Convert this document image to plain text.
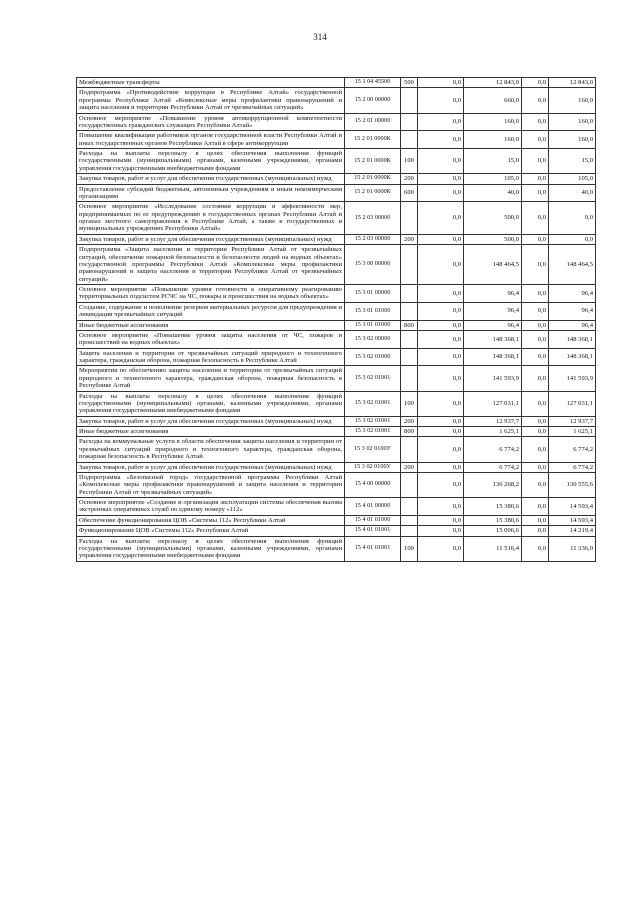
314
Межбюджетные трансферты	15 1 04 45500	500	0,0	12 843,0	0,0	12 843,0
Подпрограмма «Противодействие коррупции в Республике Алтай» государственной программы Республики Алтай «Комплексные меры профилактики правонарушений и защита населения и территории Республики Алтай от чрезвычайных ситуаций»	15 2 00 00000		0,0	660,0	0,0	160,0
Основное мероприятие «Повышение уровня антикоррупционной компетентности государственных гражданских служащих Республики Алтай»	15 2 01 00000		0,0	160,0	0,0	160,0
Повышение квалификации работников органов государственной власти Республики Алтай и иных государственных органов Республики Алтай в сфере антикоррупции	15 2 01 0000К		0,0	160,0	0,0	160,0
Расходы на выплаты персоналу в целях обеспечения выполнения функций государственными (муниципальными) органами, казенными учреждениями, органами управления государственными внебюджетными фондами	15 2 01 0000К	100	0,0	15,0	0,0	15,0
Закупка товаров, работ и услуг для обеспечения государственных (муниципальных) нужд	15 2 01 0000К	200	0,0	105,0	0,0	105,0
Предоставление субсидий бюджетным, автономным учреждениям и иным некоммерческим организациям	15 2 01 0000К	600	0,0	40,0	0,0	40,0
Основное мероприятие «Исследование состояния коррупции и эффективности мер, предпринимаемых по ее предупреждению в государственных органах Республики Алтай и органах местного самоуправления в Республике Алтай, а также в государственных и муниципальных учреждениях Республики Алтай»	15 2 03 00000		0,0	500,0	0,0	0,0
Закупка товаров, работ и услуг для обеспечения государственных (муниципальных) нужд	15 2 03 00000	200	0,0	500,0	0,0	0,0
Подпрограмма «Защита населения и территории Республики Алтай от чрезвычайных ситуаций, обеспечение пожарной безопасности и безопасности людей на водных объектах» государственной программы Республики Алтай «Комплексные меры профилактики правонарушений и защита населения и территории Республики Алтай от чрезвычайных ситуаций»	15 3 00 00000		0,0	148 464,5	0,0	148 464,5
Основное мероприятие «Повышение уровня готовности к оперативному реагированию территориальных подсистем РСЧС на ЧС, пожары и происшествия на водных объектах»	15 3 01 00000		0,0	96,4	0,0	96,4
Создание, содержание и пополнение резервов материальных ресурсов для предупреждения и ликвидации чрезвычайных ситуаций	15 3 01 01000		0,0	96,4	0,0	96,4
Иные бюджетные ассигнования	15 3 01 01000	800	0,0	96,4	0,0	96,4
Основное мероприятие «Повышение уровня защиты населения от ЧС, пожаров и происшествий на водных объектах»	15 3 02 00000		0,0	148 368,1	0,0	148 368,1
Защита населения и территории от чрезвычайных ситуаций природного и техногенного характера, гражданская оборона, пожарная безопасность в Республике Алтай	15 3 02 01000		0,0	148 368,1	0,0	148 368,1
Мероприятия по обеспечению защиты населения и территории от чрезвычайных ситуаций природного и техногенного характера, гражданская оборона, пожарная безопасность в Республике Алтай	15 3 02 01001		0,0	141 593,9	0,0	141 593,9
Расходы на выплаты персоналу в целях обеспечения выполнения функций государственными (муниципальными) органами, казенными учреждениями, органами управления государственными внебюджетными фондами	15 3 02 01001	100	0,0	127 031,1	0,0	127 031,1
Закупка товаров, работ и услуг для обеспечения государственных (муниципальных) нужд	15 3 02 01001	200	0,0	12 937,7	0,0	12 937,7
Иные бюджетные ассигнования	15 3 02 01001	800	0,0	1 625,1	0,0	1 625,1
Расходы на коммунальные услуги в области обеспечения защиты населения и территории от чрезвычайных ситуаций природного и техногенного характера, гражданская оборона, пожарная безопасность в Республике Алтай	15 3 02 0100У		0,0	6 774,2	0,0	6 774,2
Закупка товаров, работ и услуг для обеспечения государственных (муниципальных) нужд	15 3 02 0100У	200	0,0	6 774,2	0,0	6 774,2
Подпрограмма «Безопасный город» государственной программы Республики Алтай «Комплексные меры профилактики правонарушений и защита населения и территории Республики Алтай от чрезвычайных ситуаций»	15 4 00 00000		0,0	136 268,2	0,0	130 555,6
Основное мероприятие «Создание и организация эксплуатации системы обеспечения вызова экстренных оперативных служб по единому номеру «112»	15 4 01 00000		0,0	15 380,6	0,0	14 593,4
Обеспечение функционирования ЦОВ «Системы 112» Республики Алтай	15 4 01 01000		0,0	15 380,6	0,0	14 593,4
Функционирование ЦОВ «Системы 112» Республики Алтай	15 4 01 01001		0,0	15 006,6	0,0	14 219,4
Расходы на выплаты персоналу в целях обеспечения выполнения функций государственными (муниципальными) органами, казенными учреждениями, органами управления государственными внебюджетными фондами	15 4 01 01001	100	0,0	11 516,4	0,0	11 336,0
